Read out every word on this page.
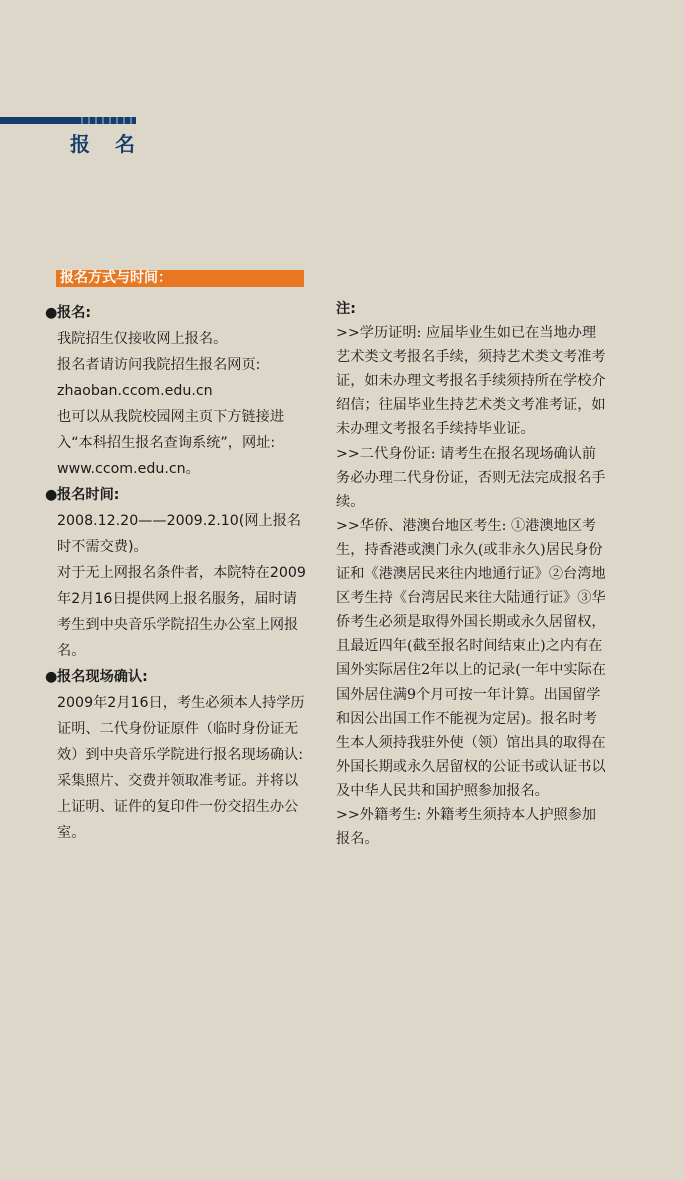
报 名
报名方式与时间：
● 报名:

我院招生仅接收网上报名。

报名者请访问我院招生报名网页:

zhaoban.ccom.edu.cn

也可以从我院校园网主页下方链接进入“本科招生报名查询系统”，网址: www.ccom.edu.cn。

● 报名时间:

2008.12.20——2009.2.10(网上报名时不需交费)。

对于无上网报名条件者，本院特在2009年2月16日提供网上报名服务，届时请考生到中央音乐学院招生办公室上网报名。

● 报名现场确认:

2009年2月16日，考生必须本人持学历证明、二代身份证原件（临时身份证无效）到中央音乐学院进行报名现场确认: 采集照片、交费并领取准考证。并将以上证明、证件的复印件一份交招生办公室。

注:

>>学历证明: 应届毕业生如已在当地办理艺术类文考报名手续，须持艺术类文考准考证，如未办理文考报名手续须持所在学校介绍信；往届毕业生持艺术类文考准考证，如未办理文考报名手续持毕业证。

>>二代身份证: 请考生在报名现场确认前务必办理二代身份证，否则无法完成报名手续。

>>华侨、港澳台地区考生: ①港澳地区考生，持香港或澳门永久(或非永久)居民身份证和《港澳居民来往内地通行证》②台湾地区考生持《台湾居民来往大陆通行证》③华侨考生必须是取得外国长期或永久居留权，且最近四年(截至报名时间结束止)之内有在国外实际居住2年以上的记录(一年中实际在国外居住满9个月可按一年计算。出国留学和因公出国工作不能视为定居)。报名时考生本人须持我驻外使（领）馆出具的取得在外国长期或永久居留权的公证书或认证书以及中华人民共和国护照参加报名。

>>外籍考生: 外籍考生须持本人护照参加报名。
